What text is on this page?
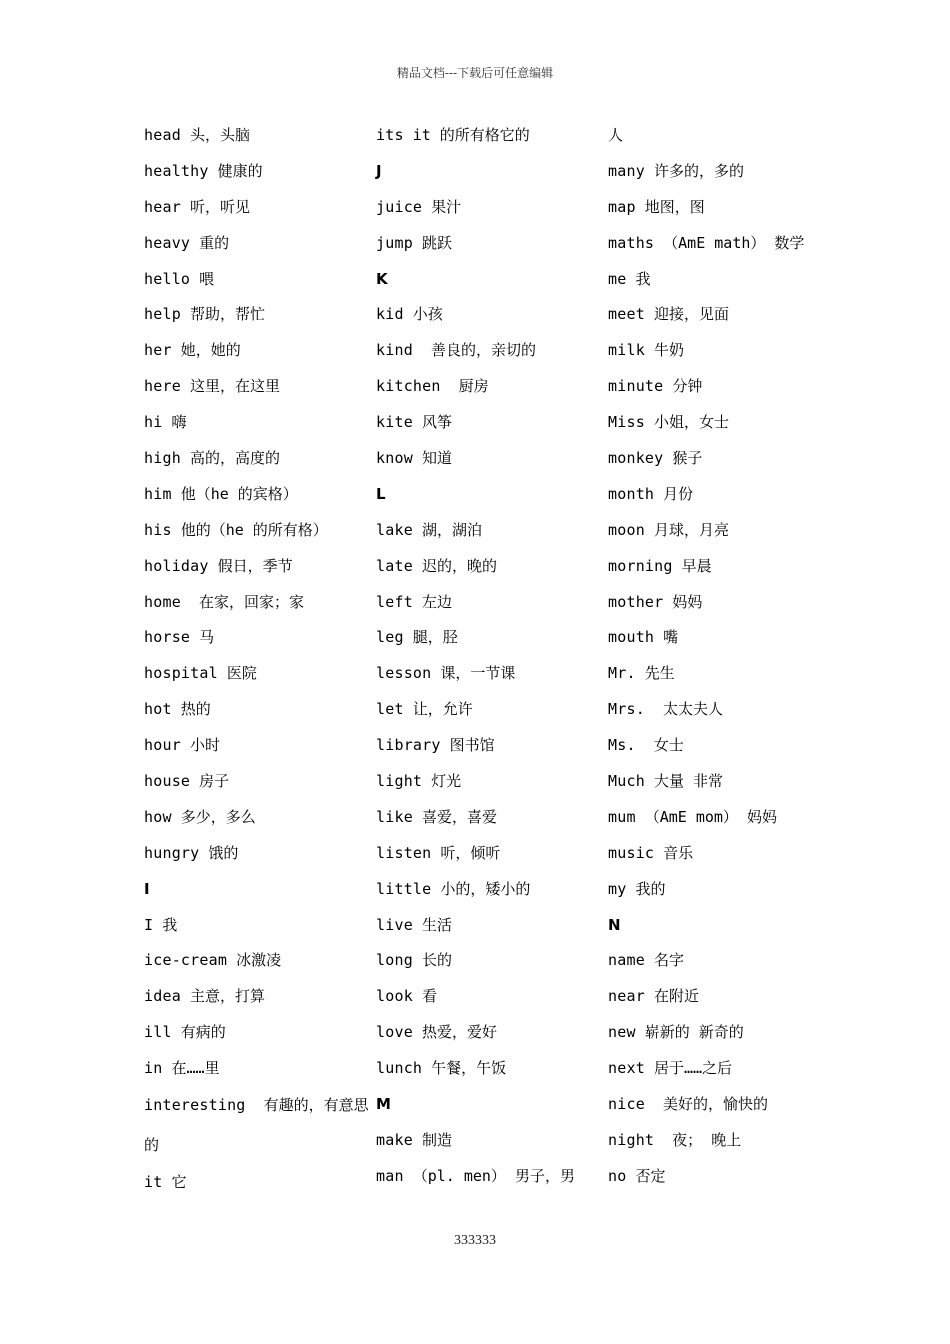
精品文档---下载后可任意编辑
head 头，头脑
healthy 健康的
hear 听，听见
heavy 重的
hello 喂
help 帮助，帮忙
her 她，她的
here 这里，在这里
hi 嗨
high 高的，高度的
him 他（he 的宾格）
his 他的（he 的所有格）
holiday 假日，季节
home 在家，回家；家
horse 马
hospital 医院
hot 热的
hour 小时
house 房子
how 多少，多么
hungry 饿的
I
I 我
ice-cream 冰激凌
idea 主意，打算
ill 有病的
in 在……里
interesting 有趣的，有意思的
it 它
its it 的所有格它的
J
juice 果汁
jump 跳跃
K
kid 小孩
kind 善良的，亲切的
kitchen 厨房
kite 风筝
know 知道
L
lake 湖，湖泊
late 迟的，晚的
left 左边
leg 腿，胫
lesson 课，一节课
let 让，允许
library 图书馆
light 灯光
like 喜爱，喜爱
listen 听，倾听
little 小的，矮小的
live 生活
long 长的
look 看
love 热爱，爱好
lunch 午餐，午饭
M
make 制造
man （pl. men） 男子，男
人
many 许多的，多的
map 地图，图
maths （AmE math） 数学
me 我
meet 迎接，见面
milk 牛奶
minute 分钟
Miss 小姐，女士
monkey 猴子
month 月份
moon 月球，月亮
morning 早晨
mother 妈妈
mouth 嘴
Mr. 先生
Mrs. 太太夫人
Ms. 女士
Much 大量 非常
mum （AmE mom） 妈妈
music 音乐
my 我的
N
name 名字
near 在附近
new 崭新的 新奇的
next 居于……之后
nice 美好的，愉快的
night 夜； 晚上
no 否定
333333
